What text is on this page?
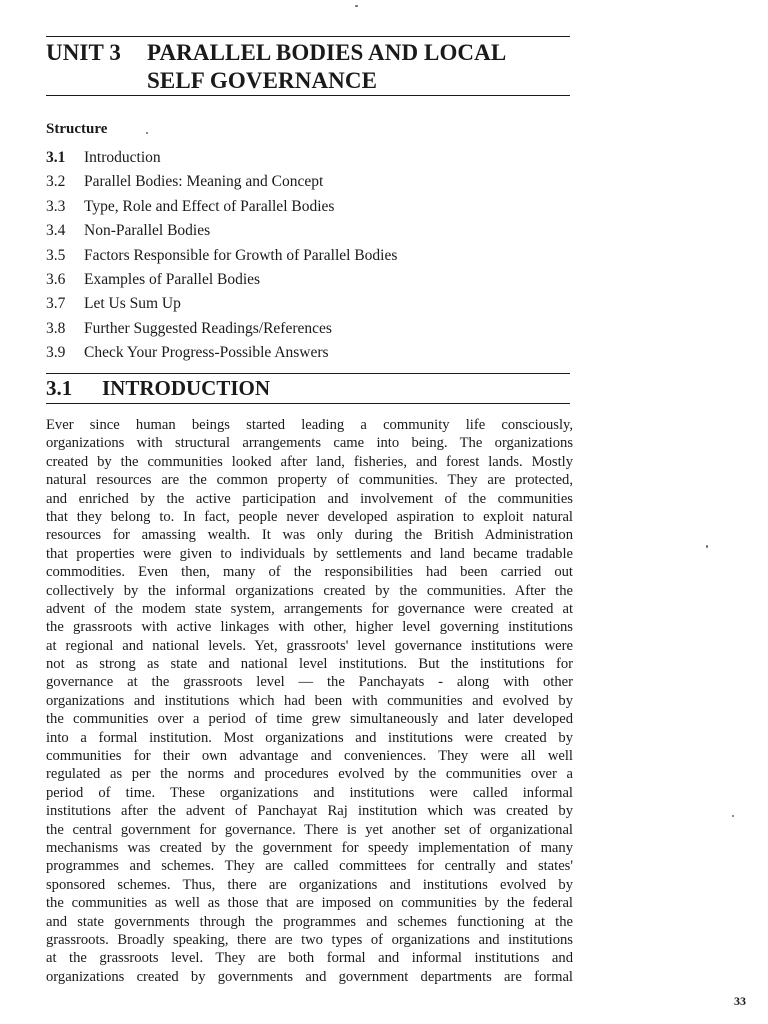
UNIT 3 PARALLEL BODIES AND LOCAL
SELF GOVERNANCE
Structure
3.1 Introduction
3.2 Parallel Bodies: Meaning and Concept
3.3 Type, Role and Effect of Parallel Bodies
3.4 Non-Parallel Bodies
3.5 Factors Responsible for Growth of Parallel Bodies
3.6 Examples of Parallel Bodies
3.7 Let Us Sum Up
3.8 Further Suggested Readings/References
3.9 Check Your Progress-Possible Answers
3.1 INTRODUCTION
Ever since human beings started leading a community life consciously,
organizations with structural arrangements came into being. The organizations
created by the communities looked after land, fisheries, and forest lands. Mostly
natural resources are the common property of communities. They are protected,
and enriched by the active participation and involvement of the communities
that they belong to. In fact, people never developed aspiration to exploit natural
resources for amassing wealth. It was only during the British Administration
that properties were given to individuals by settlements and land became tradable
commodities. Even then, many of the responsibilities had been carried out
collectively by the informal organizations created by the communities. After the
advent of the modem state system, arrangements for governance were created at
the grassroots with active linkages with other, higher level governing institutions
at regional and national levels. Yet, grassroots' level governance institutions were
not as strong as state and national level institutions. But the institutions for
governance at the grassroots level — the Panchayats - along with other
organizations and institutions which had been with communities and evolved by
the communities over a period of time grew simultaneously and later developed
into a formal institution. Most organizations and institutions were created by
communities for their own advantage and conveniences. They were all well
regulated as per the norms and procedures evolved by the communities over a
period of time. These organizations and institutions were called informal
institutions after the advent of Panchayat Raj institution which was created by
the central government for governance. There is yet another set of organizational
mechanisms was created by the government for speedy implementation of many
programmes and schemes. They are called committees for centrally and states'
sponsored schemes. Thus, there are organizations and institutions evolved by
the communities as well as those that are imposed on communities by the federal
and state governments through the programmes and schemes functioning at the
grassroots. Broadly speaking, there are two types of organizations and institutions
at the grassroots level. They are both formal and informal institutions and
organizations created by governments and government departments are formal
33
